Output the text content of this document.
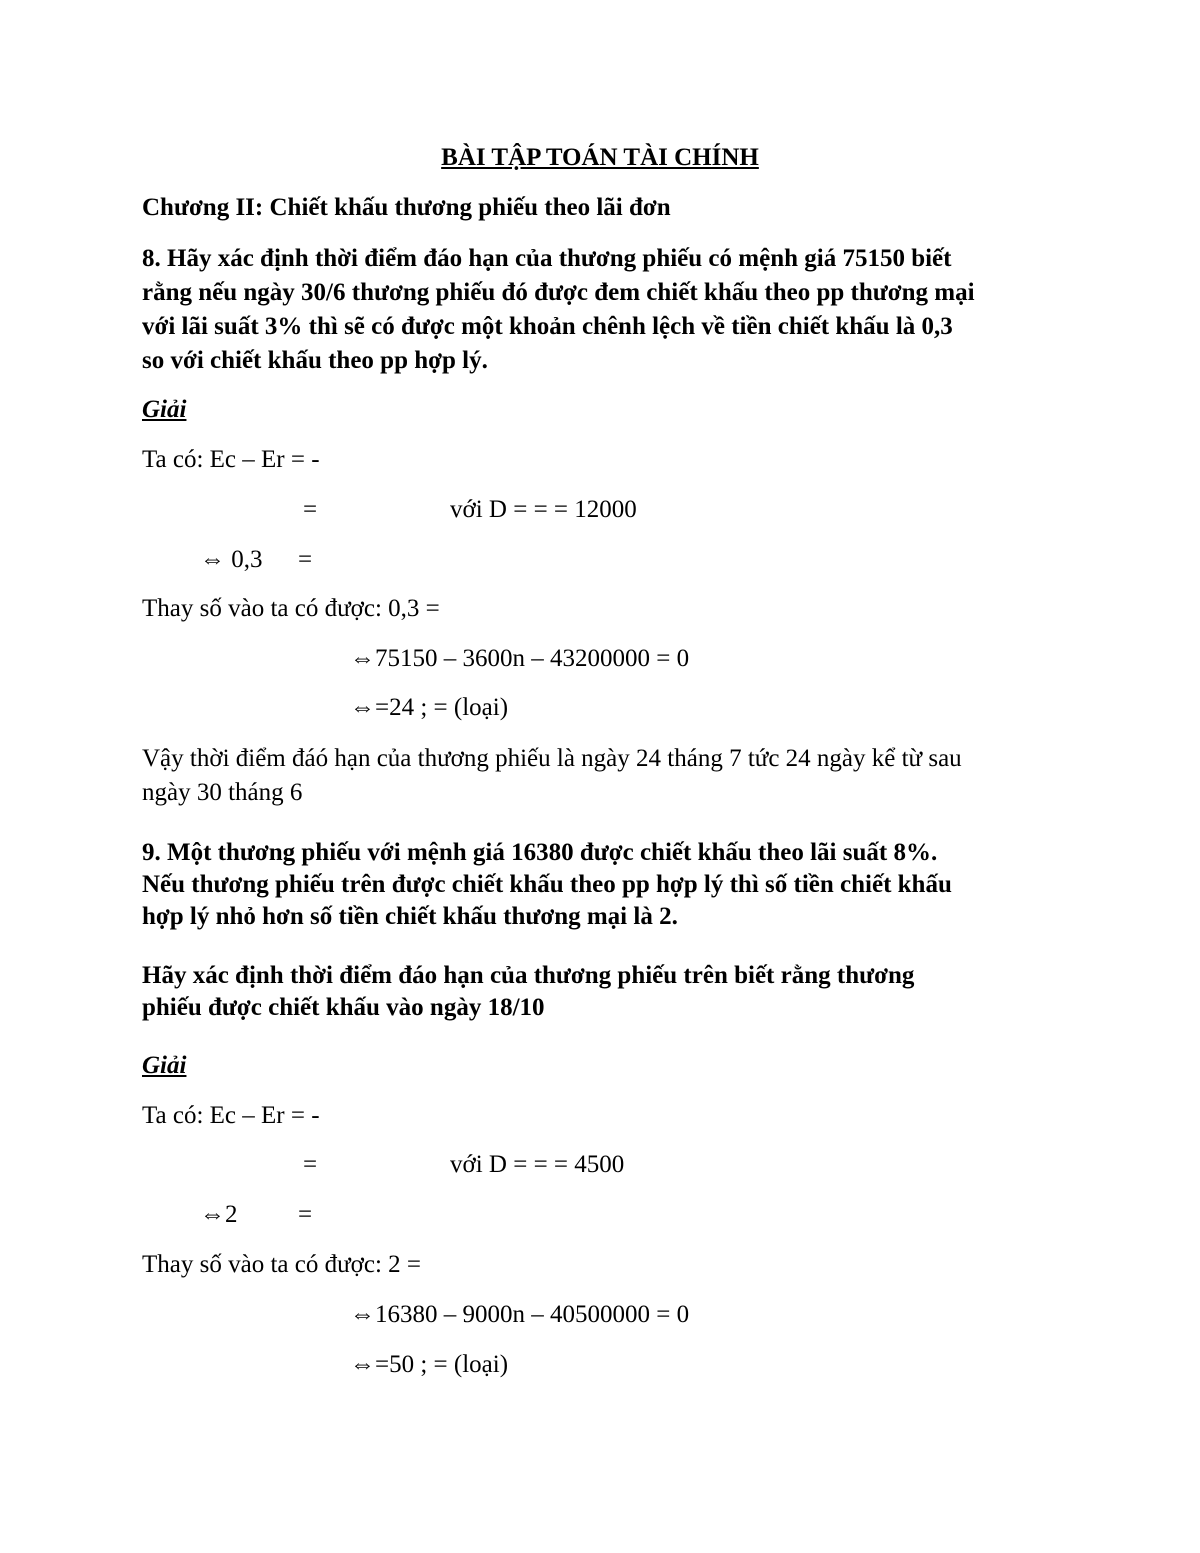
BÀI TẬP TOÁN TÀI CHÍNH
Chương II: Chiết khấu thương phiếu theo lãi đơn
8. Hãy xác định thời điểm đáo hạn của thương phiếu có mệnh giá 75150 biết
rằng nếu ngày 30/6 thương phiếu đó được đem chiết khấu theo pp thương mại
với lãi suất 3% thì sẽ có được một khoản chênh lệch về tiền chiết khấu là 0,3
so với chiết khấu theo pp hợp lý.
Giải
Ta có: Ec – Er = -
=	với D = = = 12000
⇔ 0,3 =
Thay số vào ta có được: 0,3 =
⇔75150 – 3600n – 43200000 = 0
⇔=24 ; = (loại)
Vậy thời điểm đáó hạn của thương phiếu là ngày 24 tháng 7 tức 24 ngày kể từ sau
ngày 30 tháng 6
9. Một thương phiếu với mệnh giá 16380 được chiết khấu theo lãi suất 8%.
Nếu thương phiếu trên được chiết khấu theo pp hợp lý thì số tiền chiết khấu
hợp lý nhỏ hơn số tiền chiết khấu thương mại là 2.
Hãy xác định thời điểm đáo hạn của thương phiếu trên biết rằng thương
phiếu được chiết khấu vào ngày 18/10
Giải
Ta có: Ec – Er = -
=	với D = = = 4500
⇔2 =
Thay số vào ta có được: 2 =
⇔16380 – 9000n – 40500000 = 0
⇔=50 ; = (loại)
